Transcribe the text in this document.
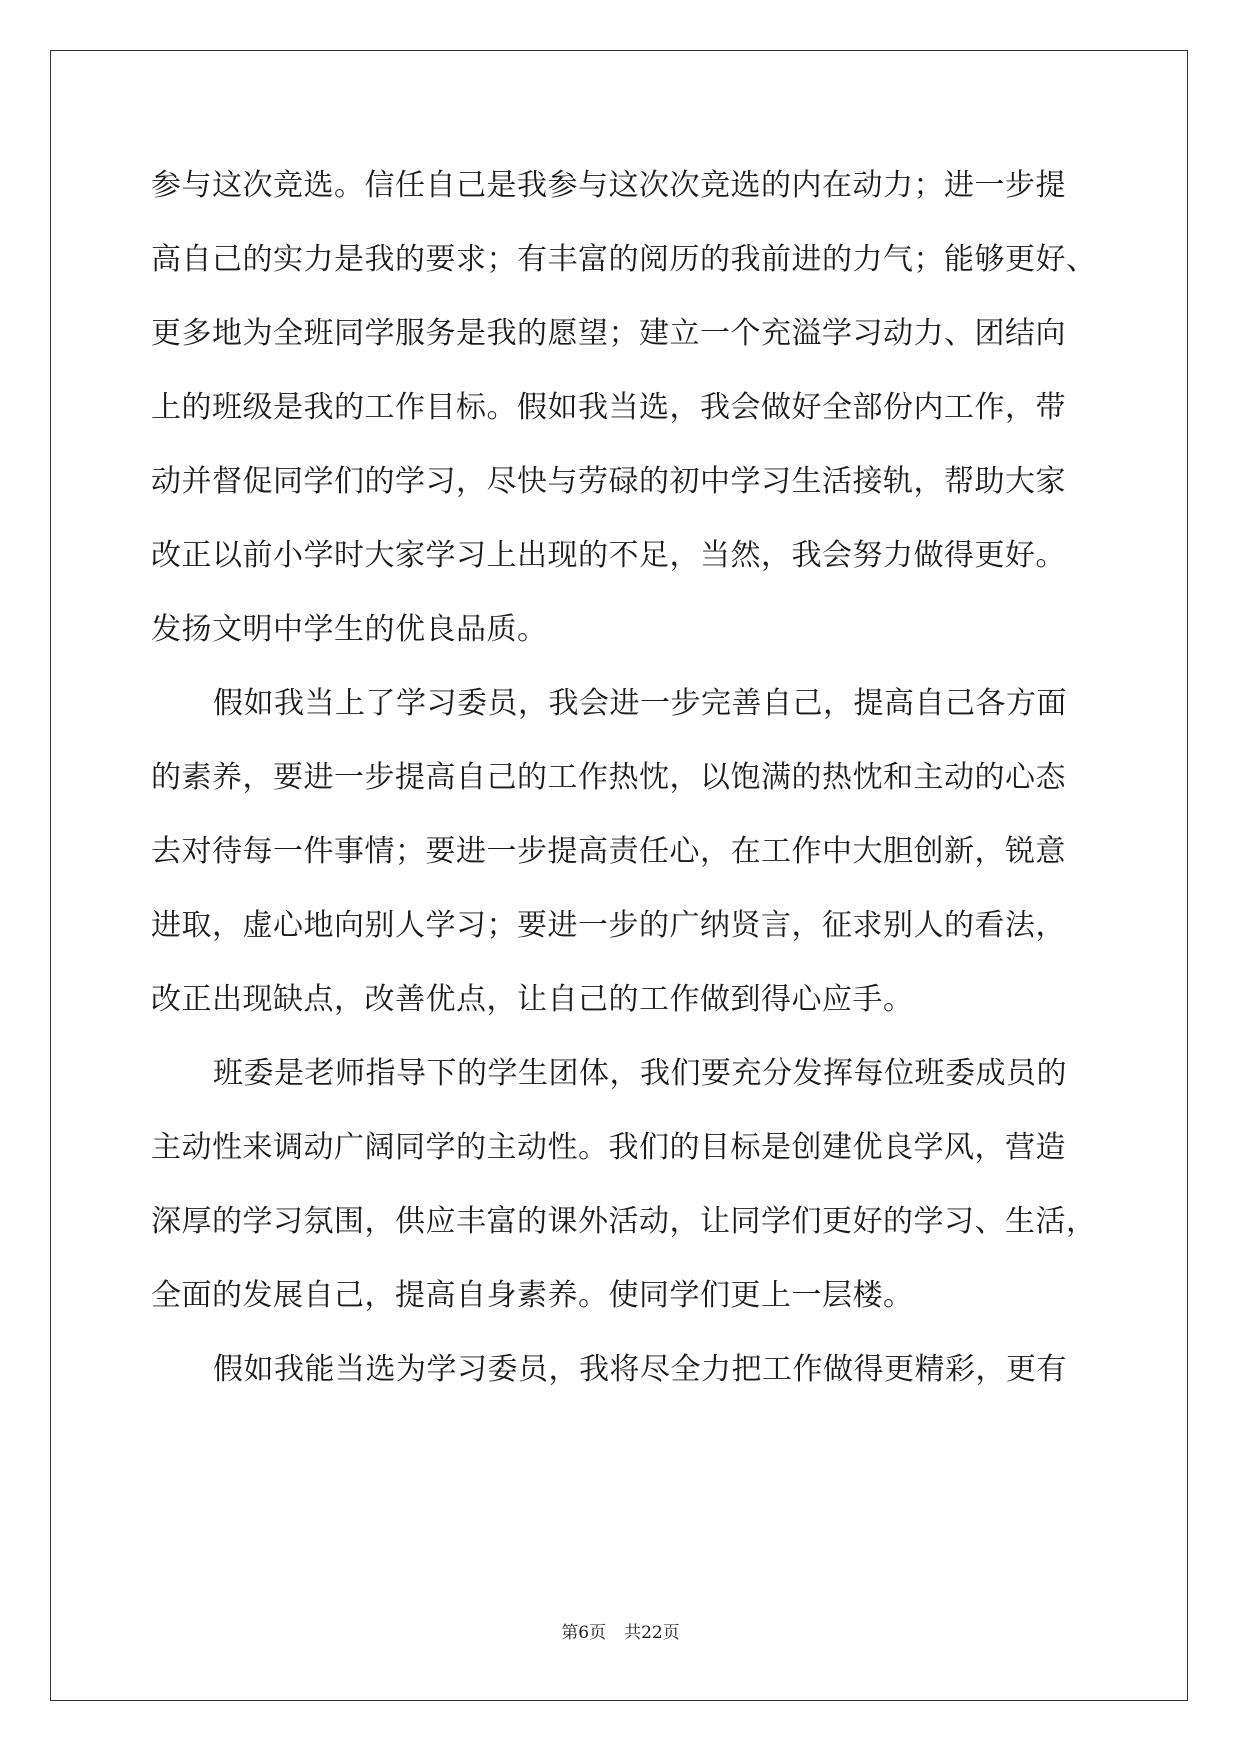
参与这次竞选。信任自己是我参与这次次竞选的内在动力；进一步提
高自己的实力是我的要求；有丰富的阅历的我前进的力气；能够更好、
更多地为全班同学服务是我的愿望；建立一个充溢学习动力、团结向
上的班级是我的工作目标。假如我当选，我会做好全部份内工作，带
动并督促同学们的学习，尽快与劳碌的初中学习生活接轨，帮助大家
改正以前小学时大家学习上出现的不足，当然，我会努力做得更好。
发扬文明中学生的优良品质。
假如我当上了学习委员，我会进一步完善自己，提高自己各方面
的素养，要进一步提高自己的工作热忱，以饱满的热忱和主动的心态
去对待每一件事情；要进一步提高责任心，在工作中大胆创新，锐意
进取，虚心地向别人学习；要进一步的广纳贤言，征求别人的看法，
改正出现缺点，改善优点，让自己的工作做到得心应手。
班委是老师指导下的学生团体，我们要充分发挥每位班委成员的
主动性来调动广阔同学的主动性。我们的目标是创建优良学风，营造
深厚的学习氛围，供应丰富的课外活动，让同学们更好的学习、生活，
全面的发展自己，提高自身素养。使同学们更上一层楼。
假如我能当选为学习委员，我将尽全力把工作做得更精彩，更有
第6页 共22页
